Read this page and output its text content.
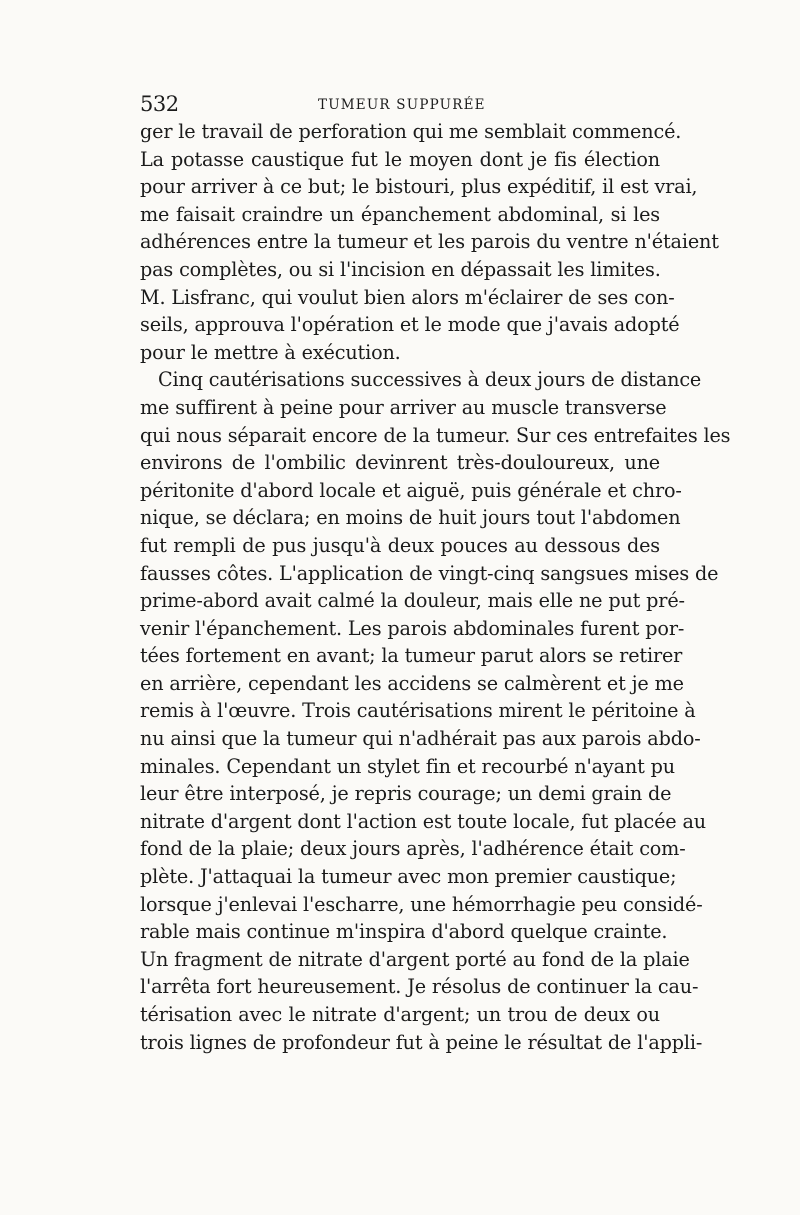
532	TUMEUR SUPPURÉE
ger le travail de perforation qui me semblait commencé.
La potasse caustique fut le moyen dont je fis élection
pour arriver à ce but; le bistouri, plus expéditif, il est vrai,
me faisait craindre un épanchement abdominal, si les
adhérences entre la tumeur et les parois du ventre n'étaient
pas complètes, ou si l'incision en dépassait les limites.
M. Lisfranc, qui voulut bien alors m'éclairer de ses con-
seils, approuva l'opération et le mode que j'avais adopté
pour le mettre à exécution.
Cinq cautérisations successives à deux jours de distance
me suffirent à peine pour arriver au muscle transverse
qui nous séparait encore de la tumeur. Sur ces entrefaites les
environs de l'ombilic devinrent très-douloureux, une
péritonite d'abord locale et aiguë, puis générale et chro-
nique, se déclara; en moins de huit jours tout l'abdomen
fut rempli de pus jusqu'à deux pouces au dessous des
fausses côtes. L'application de vingt-cinq sangsues mises de
prime-abord avait calmé la douleur, mais elle ne put pré-
venir l'épanchement. Les parois abdominales furent por-
tées fortement en avant; la tumeur parut alors se retirer
en arrière, cependant les accidens se calmèrent et je me
remis à l'œuvre. Trois cautérisations mirent le péritoine à
nu ainsi que la tumeur qui n'adhérait pas aux parois abdo-
minales. Cependant un stylet fin et recourbé n'ayant pu
leur être interposé, je repris courage; un demi grain de
nitrate d'argent dont l'action est toute locale, fut placée au
fond de la plaie; deux jours après, l'adhérence était com-
plète. J'attaquai la tumeur avec mon premier caustique;
lorsque j'enlevai l'escharre, une hémorrhagie peu considé-
rable mais continue m'inspira d'abord quelque crainte.
Un fragment de nitrate d'argent porté au fond de la plaie
l'arrêta fort heureusement. Je résolus de continuer la cau-
térisation avec le nitrate d'argent; un trou de deux ou
trois lignes de profondeur fut à peine le résultat de l'appli-
